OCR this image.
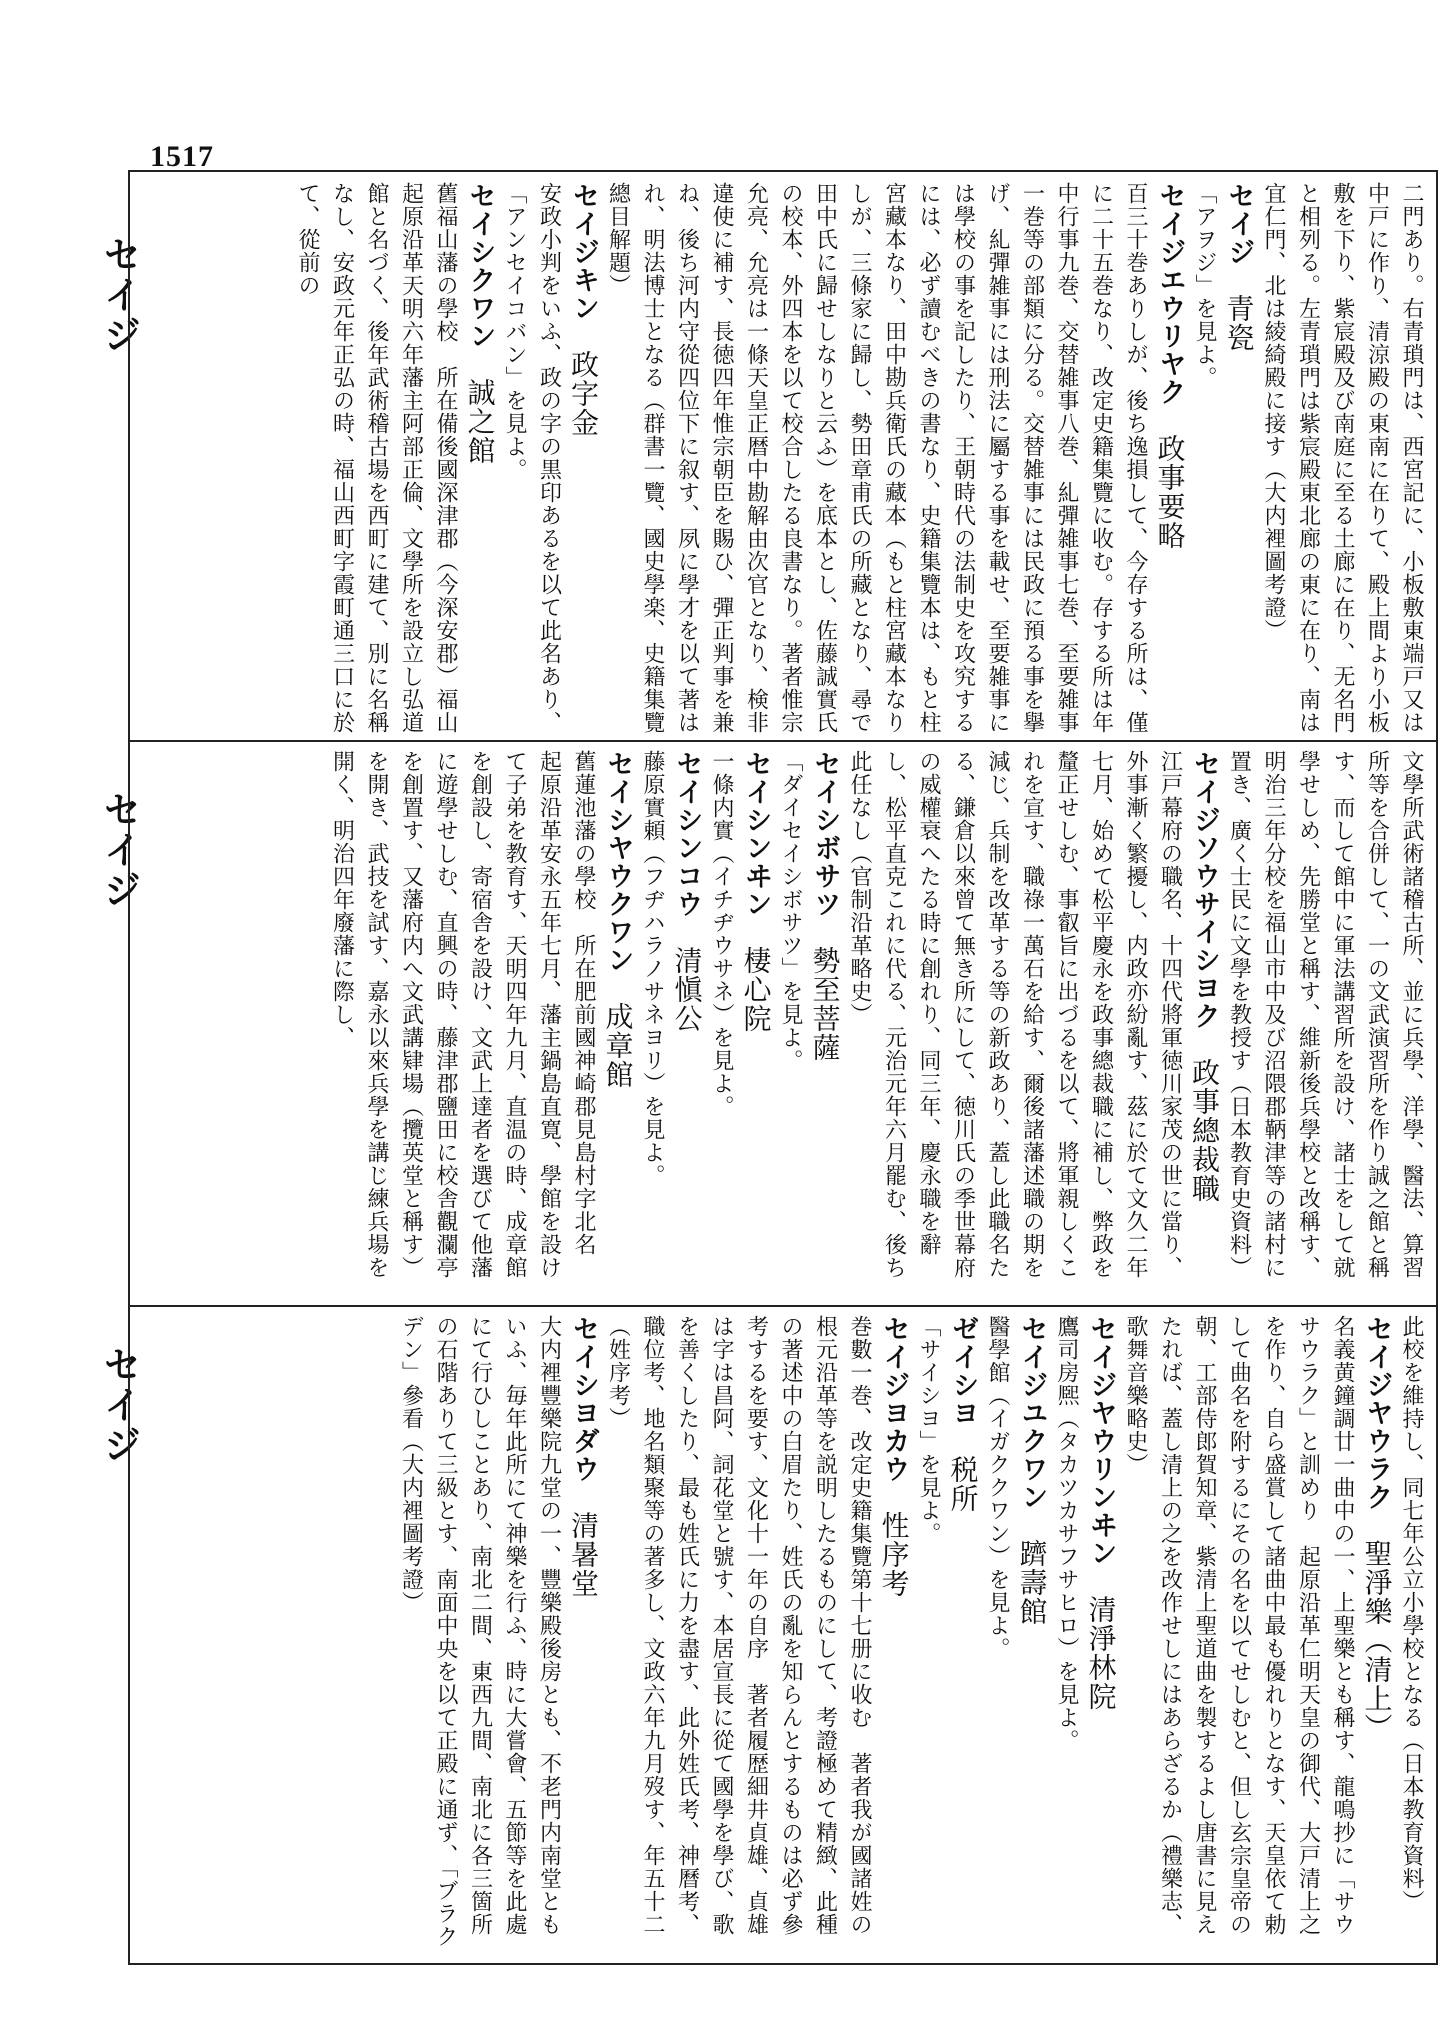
1517
セイジ
セイジ
セイジ
二門あり。右青瑣門は、西宮記に、小板敷東端戸又は中戸に作り、清涼殿の東南に在りて、殿上間より小板敷を下り、紫宸殿及び南庭に至る土廊に在り、无名門と相列る。左青瑣門は紫宸殿東北廊の東に在り、南は宜仁門、北は綾綺殿に接す（大内裡圖考證）
セイジ青瓷
「アヲジ」を見よ。
セイジエウリヤク政事要略
百三十巻ありしが、後ち逸損して、今存する所は、僅に二十五巻なり、改定史籍集覽に收む。存する所は年中行事九巻、交替雑事八巻、糺彈雑事七巻、至要雑事一巻等の部類に分る。交替雑事には民政に預る事を擧げ、糺彈雑事には刑法に屬する事を載せ、至要雑事には學校の事を記したり、王朝時代の法制史を攻究するには、必ず讀むべきの書なり、史籍集覽本は、もと柱宮藏本なり、田中勘兵衛氏の藏本（もと柱宮藏本なりしが、三條家に歸し、勢田章甫氏の所藏となり、尋で田中氏に歸せしなりと云ふ）を底本とし、佐藤誠實氏の校本、外四本を以て校合したる良書なり。著者惟宗允亮、允亮は一條天皇正暦中勘解由次官となり、検非違使に補す、長徳四年惟宗朝臣を賜ひ、彈正判事を兼ね、後ち河内守從四位下に叙す、夙に學才を以て著はれ、明法博士となる（群書一覽、國史學楽、史籍集覽總目解題）
セイジキン政字金
安政小判をいふ、政の字の黒印あるを以て此名あり、「アンセイコバン」を見よ。
セイシクワン誠之館
舊福山藩の學校　所在備後國深津郡（今深安郡）福山　起原沿革天明六年藩主阿部正倫、文學所を設立し弘道館と名づく、後年武術稽古場を西町に建て、別に名稱なし、安政元年正弘の時、福山西町字霞町通三口に於て、從前の
文學所武術諸稽古所、並に兵學、洋學、醫法、算習所等を合併して、一の文武演習所を作り誠之館と稱す、而して館中に軍法講習所を設け、諸士をして就學せしめ、先勝堂と稱す、維新後兵學校と改稱す、明治三年分校を福山市中及び沼隈郡鞆津等の諸村に置き、廣く士民に文學を教授す（日本教育史資料）
セイジソウサイシヨク政事總裁職
江戸幕府の職名、十四代將軍徳川家茂の世に當り、外事漸く繁擾し、内政亦紛亂す、茲に於て文久二年七月、始めて松平慶永を政事總裁職に補し、弊政を釐正せしむ、事叡旨に出づるを以て、將軍親しくこれを宣す、職祿一萬石を給す、爾後諸藩述職の期を減じ、兵制を改革する等の新政あり、蓋し此職名たる、鎌倉以來曾て無き所にして、徳川氏の季世幕府の威權衰へたる時に創れり、同三年、慶永職を辭し、松平直克これに代る、元治元年六月罷む、後ち此任なし（官制沿革略史）
セイシボサツ勢至菩薩
「ダイセイシボサツ」を見よ。
セイシンヰン棲心院
一條内實（イチヂウサネ）を見よ。
セイシンコウ清愼公
藤原實頼（フヂハラノサネヨリ）を見よ。
セイシヤウクワン成章館
舊蓮池藩の學校　所在肥前國神崎郡見島村字北名　起原沿革安永五年七月、藩主鍋島直寛、學館を設けて子弟を教育す、天明四年九月、直温の時、成章館を創設し、寄宿舎を設け、文武上達者を選びて他藩に遊學せしむ、直興の時、藤津郡鹽田に校舎觀瀾亭を創置す、又藩府内へ文武講肄場（攬英堂と稱す）を開き、武技を試す、嘉永以來兵學を講じ練兵場を開く、明治四年廢藩に際し、
此校を維持し、同七年公立小學校となる（日本教育資料）
セイジヤウラク聖淨樂（清上）
名義黄鐘調廿一曲中の一、上聖樂とも稱す、龍鳴抄に「サウサウラク」と訓めり　起原沿革仁明天皇の御代、大戸清上之を作り、自ら盛賞して諸曲中最も優れりとなす、天皇依て勅して曲名を附するにその名を以てせしむと、但し玄宗皇帝の朝、工部侍郎賀知章、紫清上聖道曲を製するよし唐書に見えたれば、蓋し清上の之を改作せしにはあらざるか（禮樂志、歌舞音樂略史）
セイジヤウリンヰン清淨林院
鷹司房熈（タカツカサフサヒロ）を見よ。
セイジユクワン躋壽館
醫學館（イガククワン）を見よ。
ゼイシヨ税所
「サイシヨ」を見よ。
セイジヨカウ性序考
巻數一巻、改定史籍集覽第十七册に收む　著者我が國諸姓の根元沿革等を説明したるものにして、考證極めて精緻、此種の著述中の白眉たり、姓氏の亂を知らんとするものは必ず參考するを要す、文化十一年の自序　著者履歴細井貞雄、貞雄は字は昌阿、詞花堂と號す、本居宣長に從て國學を學び、歌を善くしたり、最も姓氏に力を盡す、此外姓氏考、神曆考、職位考、地名類聚等の著多し、文政六年九月歿す、年五十二（姓序考）
セイシヨダウ清暑堂
大内裡豐樂院九堂の一、豐樂殿後房とも、不老門内南堂ともいふ、毎年此所にて神樂を行ふ、時に大嘗會、五節等を此處にて行ひしことあり、南北二間、東西九間、南北に各三箇所の石階ありて三級とす、南面中央を以て正殿に通ず、「ブラクデン」參看（大内裡圖考證）
